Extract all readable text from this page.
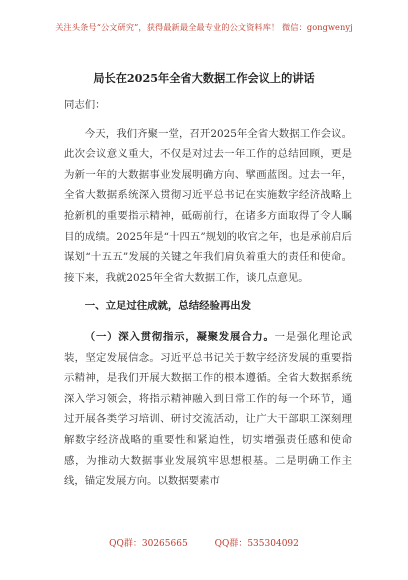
关注头条号“公文研究”，获得最新最全最专业的公文资料库！ 微信：gongwenyj
局长在2025年全省大数据工作会议上的讲话

同志们：

今天，我们齐聚一堂，召开2025年全省大数据工作会议。此次会议意义重大，不仅是对过去一年工作的总结回顾，更是为新一年的大数据事业发展明确方向、擘画蓝图。过去一年，全省大数据系统深入贯彻习近平总书记在实施数字经济战略上抢新机的重要指示精神，砥砺前行，在诸多方面取得了令人瞩目的成绩。2025年是“十四五”规划的收官之年，也是承前启后谋划“十五五”发展的关键之年我们肩负着重大的责任和使命。接下来，我就2025年全省大数据工作，谈几点意见。

一、立足过往成就，总结经验再出发

（一）深入贯彻指示，凝聚发展合力。一是强化理论武装，坚定发展信念。习近平总书记关于数字经济发展的重要指示精神，是我们开展大数据工作的根本遵循。全省大数据系统深入学习领会，将指示精神融入到日常工作的每一个环节，通过开展各类学习培训、研讨交流活动，让广大干部职工深刻理解数字经济战略的重要性和紧迫性，切实增强责任感和使命感，为推动大数据事业发展筑牢思想根基。二是明确工作主线，锚定发展方向。以数据要素市

QQ群：30265665	QQ群：535304092
